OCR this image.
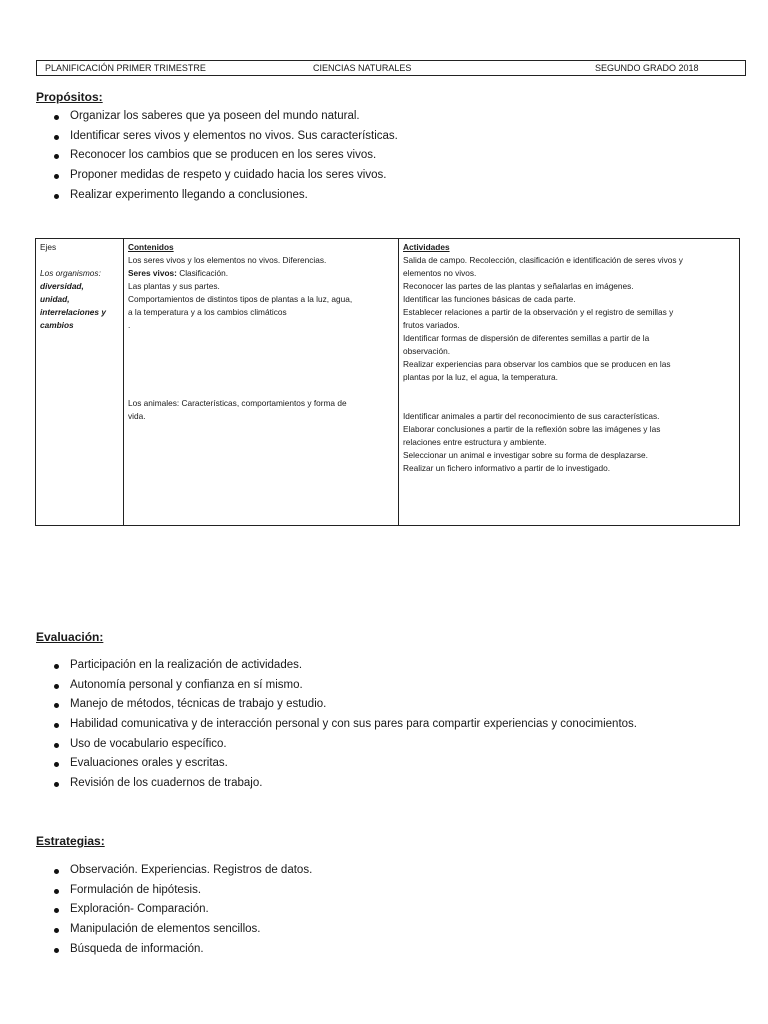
PLANIFICACIÓN PRIMER TRIMESTRE	CIENCIAS NATURALES	SEGUNDO GRADO 2018
Propósitos:
Organizar los saberes que ya poseen del mundo natural.
Identificar seres vivos y elementos no vivos. Sus características.
Reconocer los cambios que se producen en los seres vivos.
Proponer medidas de respeto y cuidado hacia los seres vivos.
Realizar experimento llegando a conclusiones.
Ejes
Los organismos:
diversidad,
unidad,
interrelaciones y
cambios
Contenidos
Los seres vivos y los elementos no vivos. Diferencias.
Seres vivos: Clasificación.
Las plantas y sus partes.
Comportamientos de distintos tipos de plantas a la luz, agua,
a la temperatura y a los cambios climáticos
.
Los animales: Características, comportamientos y forma de
vida.
Actividades
Salida de campo. Recolección, clasificación e identificación de seres vivos y
elementos no vivos.
Reconocer las partes de las plantas y señalarlas en imágenes.
Identificar las funciones básicas de cada parte.
Establecer relaciones a partir de la observación y el registro de semillas y
frutos variados.
Identificar formas de dispersión de diferentes semillas a partir de la
observación.
Realizar experiencias para observar los cambios que se producen en las
plantas por la luz, el agua, la temperatura.
Identificar animales a partir del reconocimiento de sus características.
Elaborar conclusiones a partir de la reflexión sobre las imágenes y las
relaciones entre estructura y ambiente.
Seleccionar un animal e investigar sobre su forma de desplazarse.
Realizar un fichero informativo a partir de lo investigado.
Evaluación:
Participación en la realización de actividades.
Autonomía personal y confianza en sí mismo.
Manejo de métodos, técnicas de trabajo y estudio.
Habilidad comunicativa y de interacción personal y con sus pares para compartir experiencias y conocimientos.
Uso de vocabulario específico.
Evaluaciones orales y escritas.
Revisión de los cuadernos de trabajo.
Estrategias:
Observación. Experiencias. Registros de datos.
Formulación de hipótesis.
Exploración- Comparación.
Manipulación de elementos sencillos.
Búsqueda de información.
